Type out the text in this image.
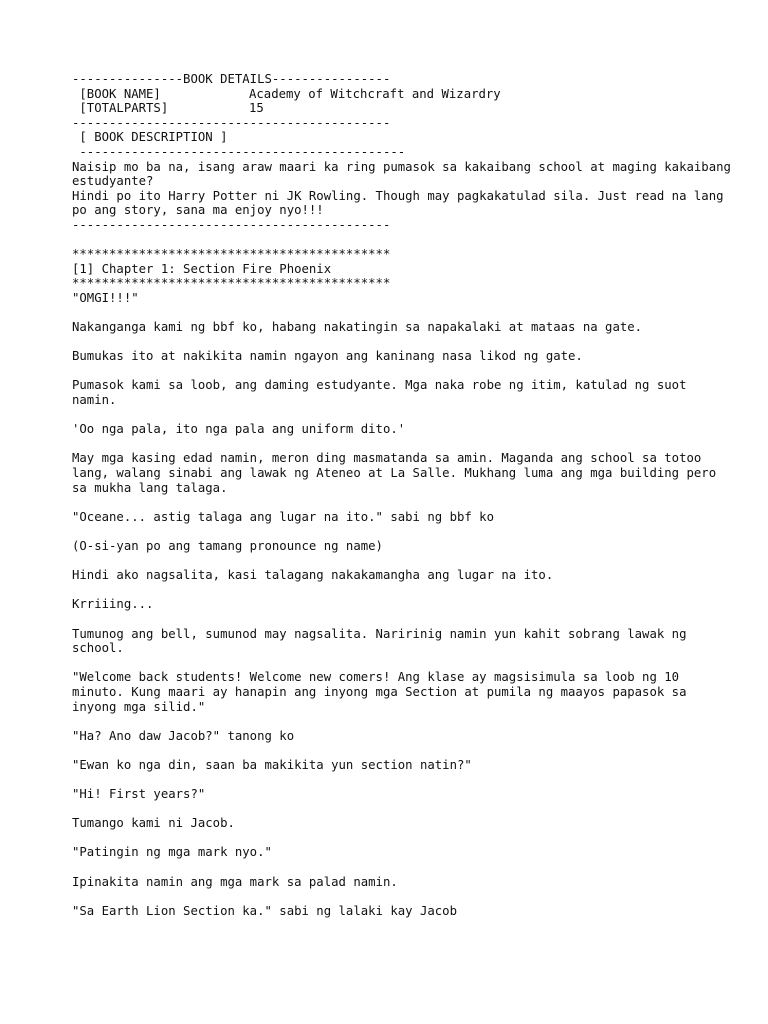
---------------BOOK DETAILS----------------
[BOOK NAME]	Academy of Witchcraft and Wizardry
[TOTALPARTS]	15
-------------------------------------------
[ BOOK DESCRIPTION ]
--------------------------------------------
Naisip mo ba na, isang araw maari ka ring pumasok sa kakaibang school at maging kakaibang estudyante?
Hindi po ito Harry Potter ni JK Rowling. Though may pagkakatulad sila. Just read na lang po ang story, sana ma enjoy nyo!!!
-------------------------------------------
*******************************************
[1] Chapter 1: Section Fire Phoenix
*******************************************

"OMGI!!!"

Nakanganga kami ng bbf ko, habang nakatingin sa napakalaki at mataas na gate.

Bumukas ito at nakikita namin ngayon ang kaninang nasa likod ng gate.

Pumasok kami sa loob, ang daming estudyante. Mga naka robe ng itim, katulad ng suot namin.

'Oo nga pala, ito nga pala ang uniform dito.'

May mga kasing edad namin, meron ding masmatanda sa amin. Maganda ang school sa totoo lang, walang sinabi ang lawak ng Ateneo at La Salle. Mukhang luma ang mga building pero sa mukha lang talaga.

"Oceane... astig talaga ang lugar na ito." sabi ng bbf ko

(O-si-yan po ang tamang pronounce ng name)

Hindi ako nagsalita, kasi talagang nakakamangha ang lugar na ito.

Krriiing...

Tumunog ang bell, sumunod may nagsalita. Naririnig namin yun kahit sobrang lawak ng school.

"Welcome back students! Welcome new comers! Ang klase ay magsisimula sa loob ng 10 minuto. Kung maari ay hanapin ang inyong mga Section at pumila ng maayos papasok sa inyong mga silid."

"Ha? Ano daw Jacob?" tanong ko

"Ewan ko nga din, saan ba makikita yun section natin?"

"Hi! First years?"

Tumango kami ni Jacob.

"Patingin ng mga mark nyo."

Ipinakita namin ang mga mark sa palad namin.

"Sa Earth Lion Section ka." sabi ng lalaki kay Jacob
